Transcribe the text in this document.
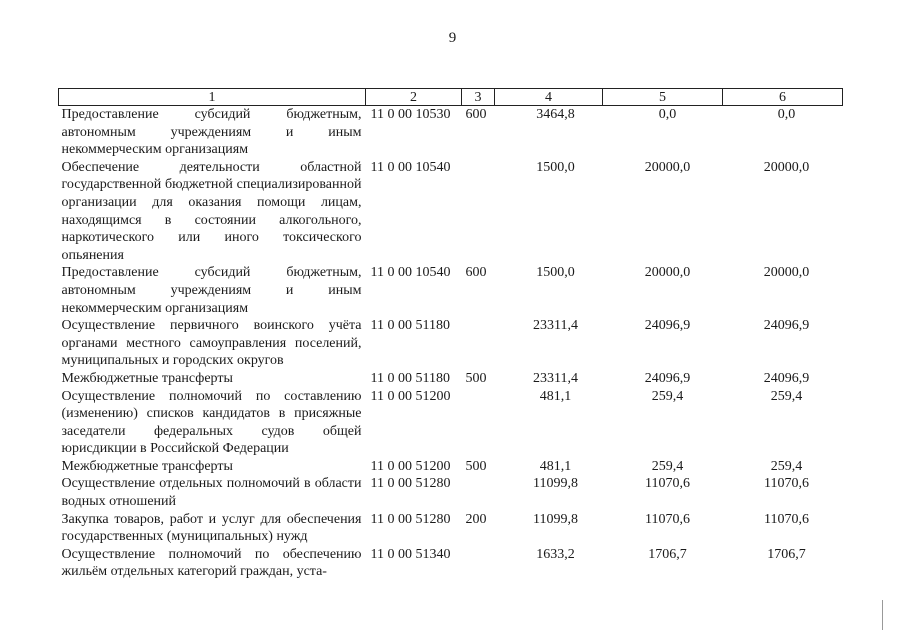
9
1	2	3	4	5	6
Предоставление субсидий бюджетным, автономным учреждениям и иным некоммерческим организациям	11 0 00 10530	600	3464,8	0,0	0,0
Обеспечение деятельности областной государственной бюджетной специализированной организации для оказания помощи лицам, находящимся в состоянии алкогольного, наркотического или иного токсического опьянения	11 0 00 10540		1500,0	20000,0	20000,0
Предоставление субсидий бюджетным, автономным учреждениям и иным некоммерческим организациям	11 0 00 10540	600	1500,0	20000,0	20000,0
Осуществление первичного воинского учёта органами местного самоуправления поселений, муниципальных и городских округов	11 0 00 51180		23311,4	24096,9	24096,9
Межбюджетные трансферты	11 0 00 51180	500	23311,4	24096,9	24096,9
Осуществление полномочий по составлению (изменению) списков кандидатов в присяжные заседатели федеральных судов общей юрисдикции в Российской Федерации	11 0 00 51200		481,1	259,4	259,4
Межбюджетные трансферты	11 0 00 51200	500	481,1	259,4	259,4
Осуществление отдельных полномочий в области водных отношений	11 0 00 51280		11099,8	11070,6	11070,6
Закупка товаров, работ и услуг для обеспечения государственных (муниципальных) нужд	11 0 00 51280	200	11099,8	11070,6	11070,6
Осуществление полномочий по обеспечению жильём отдельных категорий граждан, уста-	11 0 00 51340		1633,2	1706,7	1706,7
